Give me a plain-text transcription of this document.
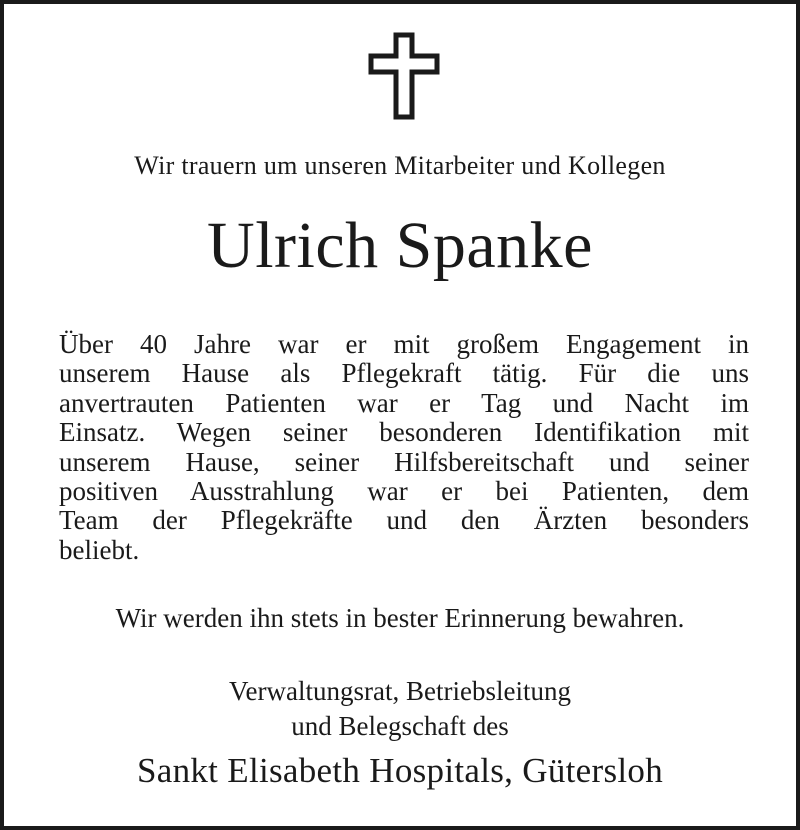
Wir trauern um unseren Mitarbeiter und Kollegen
Ulrich Spanke
Über 40 Jahre war er mit großem Engagement in
unserem Hause als Pflegekraft tätig. Für die uns
anvertrauten Patienten war er Tag und Nacht im
Einsatz. Wegen seiner besonderen Identifikation mit
unserem Hause, seiner Hilfsbereitschaft und seiner
positiven Ausstrahlung war er bei Patienten, dem
Team der Pflegekräfte und den Ärzten besonders
beliebt.
Wir werden ihn stets in bester Erinnerung bewahren.
Verwaltungsrat, Betriebsleitung
und Belegschaft des
Sankt Elisabeth Hospitals, Gütersloh
